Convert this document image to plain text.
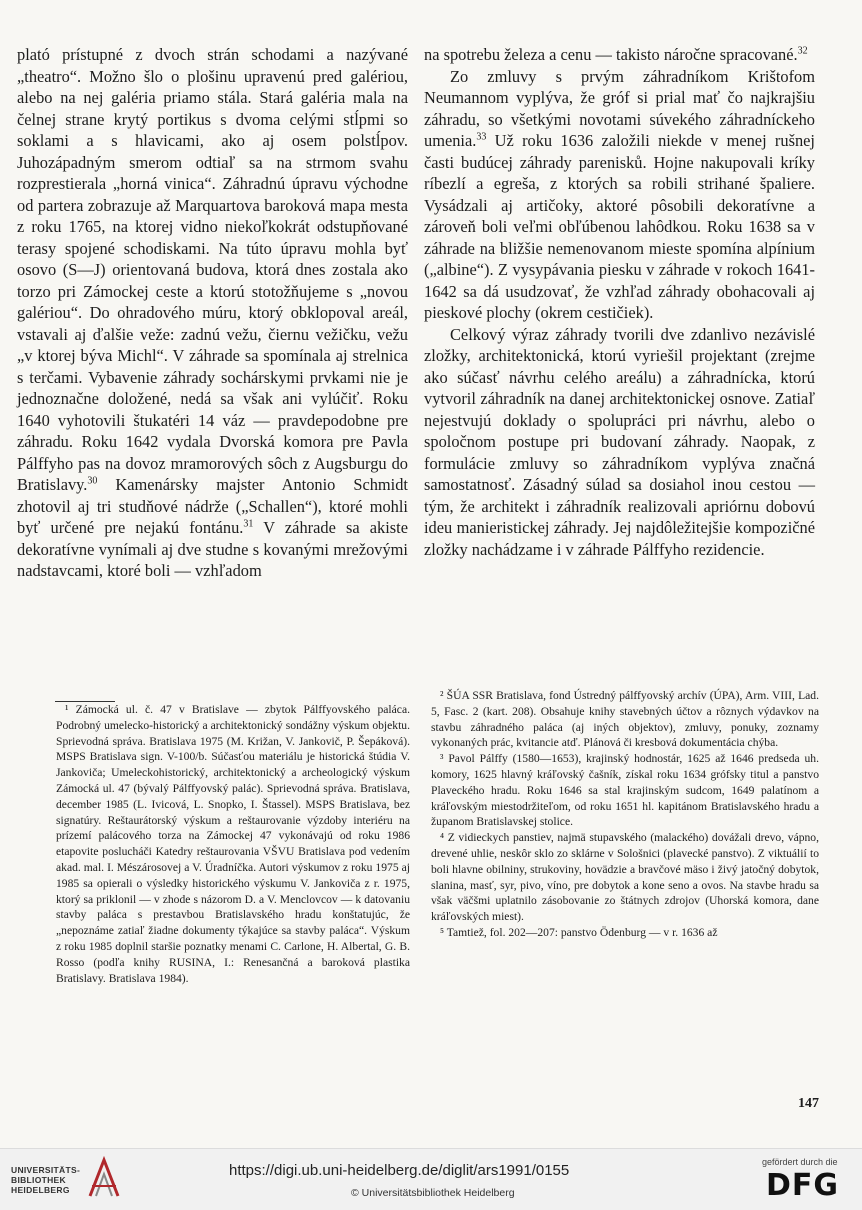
plató prístupné z dvoch strán schodami a nazývané „theatro“. Možno šlo o plošinu upravenú pred galériou, alebo na nej galéria priamo stála. Stará galéria mala na čelnej strane krytý portikus s dvoma celými stĺpmi so soklami a s hlavicami, ako aj osem polstĺpov. Juhozápadným smerom odtiaľ sa na strmom svahu rozprestierala „horná vinica“. Záhradnú úpravu východne od partera zobrazuje až Marquartova baroková mapa mesta z roku 1765, na ktorej vidno niekoľkokrát odstupňované terasy spojené schodiskami. Na túto úpravu mohla byť osovo (S—J) orientovaná budova, ktorá dnes zostala ako torzo pri Zámockej ceste a ktorú stotožňujeme s „novou galériou“. Do ohradového múru, ktorý obklopoval areál, vstavali aj ďalšie veže: zadnú vežu, čiernu vežičku, vežu „v ktorej býva Michl“. V záhrade sa spomínala aj strelnica s terčami. Vybavenie záhrady sochárskymi prvkami nie je jednoznačne doložené, nedá sa však ani vylúčiť. Roku 1640 vyhotovili štukatéri 14 váz — pravdepodobne pre záhradu. Roku 1642 vydala Dvorská komora pre Pavla Pálffyho pas na dovoz mramorových sôch z Augsburgu do Bratislavy.$^{30}$ Kamenársky majster Antonio Schmidt zhotovil aj tri studňové nádrže („Schallen“), ktoré mohli byť určené pre nejakú fontánu.$^{31}$ V záhrade sa akiste dekoratívne vynímali aj dve studne s kovanými mrežovými nadstavcami, ktoré boli — vzhľadom

na spotrebu železa a cenu — takisto náročne spracované.$^{32}$

Zo zmluvy s prvým záhradníkom Krištofom Neumannom vyplýva, že gróf si prial mať čo najkrajšiu záhradu, so všetkými novotami súvekého záhradníckeho umenia.$^{33}$ Už roku 1636 založili niekde v menej rušnej časti budúcej záhrady parenisků. Hojne nakupovali kríky ríbezlí a egreša, z ktorých sa robili strihané špaliere. Vysádzali aj artičoky, aktoré pôsobili dekoratívne a zároveň boli veľmi obľúbenou lahôdkou. Roku 1638 sa v záhrade na bližšie nemenovanom mieste spomína alpínium („albine“). Z vysypávania piesku v záhrade v rokoch 1641-1642 sa dá usudzovať, že vzhľad záhrady obohacovali aj pieskové plochy (okrem cestičiek).

Celkový výraz záhrady tvorili dve zdanlivo nezávislé zložky, architektonická, ktorú vyriešil projektant (zrejme ako súčasť návrhu celého areálu) a záhradnícka, ktorú vytvoril záhradník na danej architektonickej osnove. Zatiaľ nejestvujú doklady o spolupráci pri návrhu, alebo o spoločnom postupe pri budovaní záhrady. Naopak, z formulácie zmluvy so záhradníkom vyplýva značná samostatnosť. Zásadný súlad sa dosiahol inou cestou — tým, že architekt i záhradník realizovali apriórnu dobovú ideu manieristickej záhrady. Jej najdôležitejšie kompozičné zložky nachádzame i v záhrade Pálffyho rezidencie.

¹ Zámocká ul. č. 47 v Bratislave — zbytok Pálffyovského paláca. Podrobný umelecko-historický a architektonický sondážny výskum objektu. Sprievodná správa. Bratislava 1975 (M. Križan, V. Jankovič, P. Šepáková). MSPS Bratislava sign. V-100/b. Súčasťou materiálu je historická štúdia V. Jankoviča; Umeleckohistorický, architektonický a archeologický výskum Zámocká ul. 47 (bývalý Pálffyovský palác). Sprievodná správa. Bratislava, december 1985 (L. Ivicová, L. Snopko, I. Štassel). MSPS Bratislava, bez signatúry. Reštaurátorský výskum a reštaurovanie výzdoby interiéru na prízemí palácového torza na Zámockej 47 vykonávajú od roku 1986 etapovite poslucháči Katedry reštaurovania VŠVU Bratislava pod vedením akad. mal. I. Mészárosovej a V. Úradníčka. Autori výskumov z roku 1975 aj 1985 sa opierali o výsledky historického výskumu V. Jankoviča z r. 1975, ktorý sa priklonil — v zhode s názorom D. a V. Menclovcov — k datovaniu stavby paláca s prestavbou Bratislavského hradu konštatujúc, že „nepoznáme zatiaľ žiadne dokumenty týkajúce sa stavby paláca“. Výskum z roku 1985 doplnil staršie poznatky menami C. Carlone, H. Albertal, G. B. Rosso (podľa knihy RUSINA, I.: Renesančná a baroková plastika Bratislavy. Bratislava 1984).

² ŠÚA SSR Bratislava, fond Ústredný pálffyovský archív (ÚPA), Arm. VIII, Lad. 5, Fasc. 2 (kart. 208). Obsahuje knihy stavebných účtov a rôznych výdavkov na stavbu záhradného paláca (aj iných objektov), zmluvy, ponuky, zoznamy vykonaných prác, kvitancie atď. Plánová či kresbová dokumentácia chýba.

³ Pavol Pálffy (1580—1653), krajinský hodnostár, 1625 až 1646 predseda uh. komory, 1625 hlavný kráľovský čašník, získal roku 1634 grófsky titul a panstvo Plaveckého hradu. Roku 1646 sa stal krajinským sudcom, 1649 palatínom a kráľovským miestodržiteľom, od roku 1651 hl. kapitánom Bratislavského hradu a županom Bratislavskej stolice.

⁴ Z vidieckych panstiev, najmä stupavského (malackého) dovážali drevo, vápno, drevené uhlie, neskôr sklo zo sklárne v Sološnici (plavecké panstvo). Z viktuálií to boli hlavne obilniny, strukoviny, hovädzie a bravčové mäso i živý jatočný dobytok, slanina, masť, syr, pivo, víno, pre dobytok a kone seno a ovos. Na stavbe hradu sa však väčšmi uplatnilo zásobovanie zo štátnych zdrojov (Uhorská komora, dane kráľovských miest).

⁵ Tamtiež, fol. 202—207: panstvo Ödenburg — v r. 1636 až

147
UNIVERSITÄTS-
BIBLIOTHEK
HEIDELBERG
https://digi.ub.uni-heidelberg.de/diglit/ars1991/0155
© Universitätsbibliothek Heidelberg
gefördert durch die
DFG
